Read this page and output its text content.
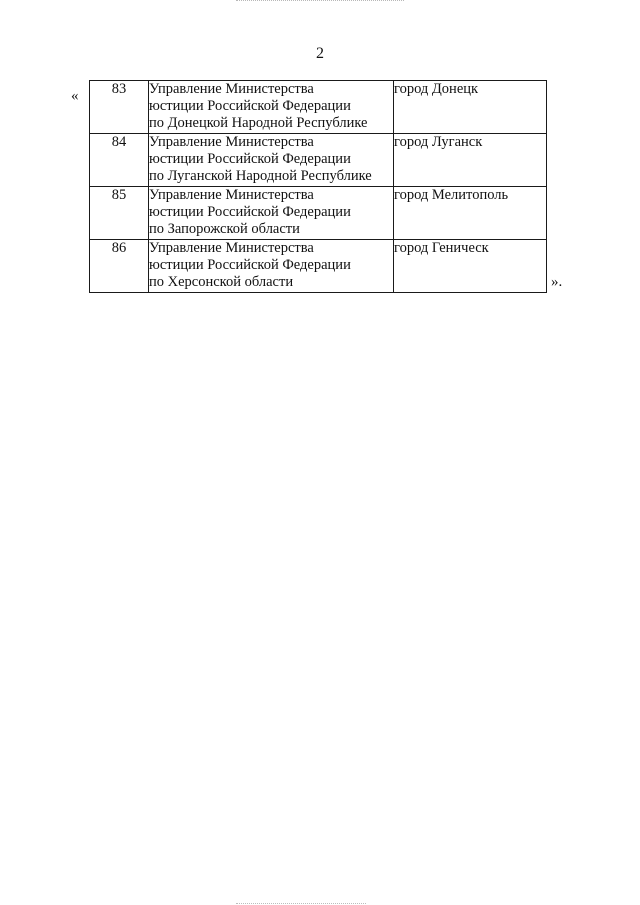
2
« 83	Управление Министерства
юстиции Российской Федерации
по Донецкой Народной Республике	город Донецк
84	Управление Министерства
юстиции Российской Федерации
по Луганской Народной Республике	город Луганск
85	Управление Министерства
юстиции Российской Федерации
по Запорожской области	город Мелитополь
86	Управление Министерства
юстиции Российской Федерации
по Херсонской области	город Геническ
».
